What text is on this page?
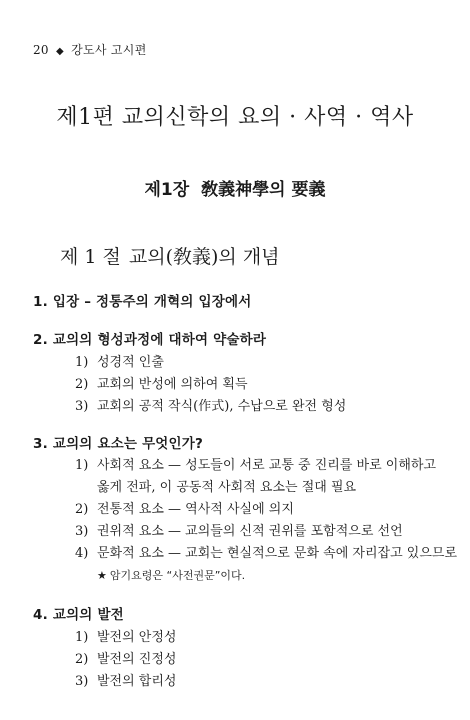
20 ◆ 강도사 고시편
제1편 교의신학의 요의 · 사역 · 역사
제1장 敎義神學의 要義
제 1 절 교의(敎義)의 개념
1. 입장 – 정통주의 개혁의 입장에서
2. 교의의 형성과정에 대하여 약술하라
1) 성경적 인출
2) 교회의 반성에 의하여 획득
3) 교회의 공적 작식(作式), 수납으로 완전 형성
3. 교의의 요소는 무엇인가?
1) 사회적 요소 — 성도들이 서로 교통 중 진리를 바로 이해하고
옳게 전파, 이 공동적 사회적 요소는 절대 필요
2) 전통적 요소 — 역사적 사실에 의지
3) 권위적 요소 — 교의들의 신적 권위를 포함적으로 선언
4) 문화적 요소 — 교회는 현실적으로 문화 속에 자리잡고 있으므로
★ 암기요령은 “사전권문”이다.
4. 교의의 발전
1) 발전의 안정성
2) 발전의 진정성
3) 발전의 합리성
